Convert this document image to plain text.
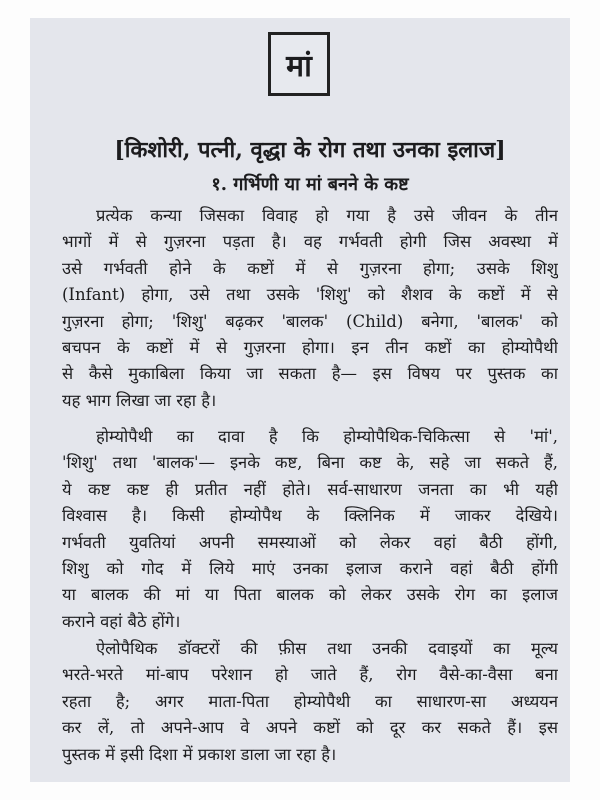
मां
[किशोरी, पत्नी, वृद्धा के रोग तथा उनका इलाज]
१. गर्भिणी या मां बनने के कष्ट
प्रत्येक कन्या जिसका विवाह हो गया है उसे जीवन के तीन
भागों में से गुज़रना पड़ता है। वह गर्भवती होगी जिस अवस्था में
उसे गर्भवती होने के कष्टों में से गुज़रना होगा; उसके शिशु
(Infant) होगा, उसे तथा उसके 'शिशु' को शैशव के कष्टों में से
गुज़रना होगा; 'शिशु' बढ़कर 'बालक' (Child) बनेगा, 'बालक' को
बचपन के कष्टों में से गुज़रना होगा। इन तीन कष्टों का होम्योपैथी
से कैसे मुकाबिला किया जा सकता है— इस विषय पर पुस्तक का
यह भाग लिखा जा रहा है।
होम्योपैथी का दावा है कि होम्योपैथिक-चिकित्सा से 'मां',
'शिशु' तथा 'बालक'— इनके कष्ट, बिना कष्ट के, सहे जा सकते हैं,
ये कष्ट कष्ट ही प्रतीत नहीं होते। सर्व-साधारण जनता का भी यही
विश्वास है। किसी होम्योपैथ के क्लिनिक में जाकर देखिये।
गर्भवती युवतियां अपनी समस्याओं को लेकर वहां बैठी होंगी,
शिशु को गोद में लिये माएं उनका इलाज कराने वहां बैठी होंगी
या बालक की मां या पिता बालक को लेकर उसके रोग का इलाज
कराने वहां बैठे होंगे।
ऐलोपैथिक डॉक्टरों की फ़ीस तथा उनकी दवाइयों का मूल्य
भरते-भरते मां-बाप परेशान हो जाते हैं, रोग वैसे-का-वैसा बना
रहता है; अगर माता-पिता होम्योपैथी का साधारण-सा अध्ययन
कर लें, तो अपने-आप वे अपने कष्टों को दूर कर सकते हैं। इस
पुस्तक में इसी दिशा में प्रकाश डाला जा रहा है।
